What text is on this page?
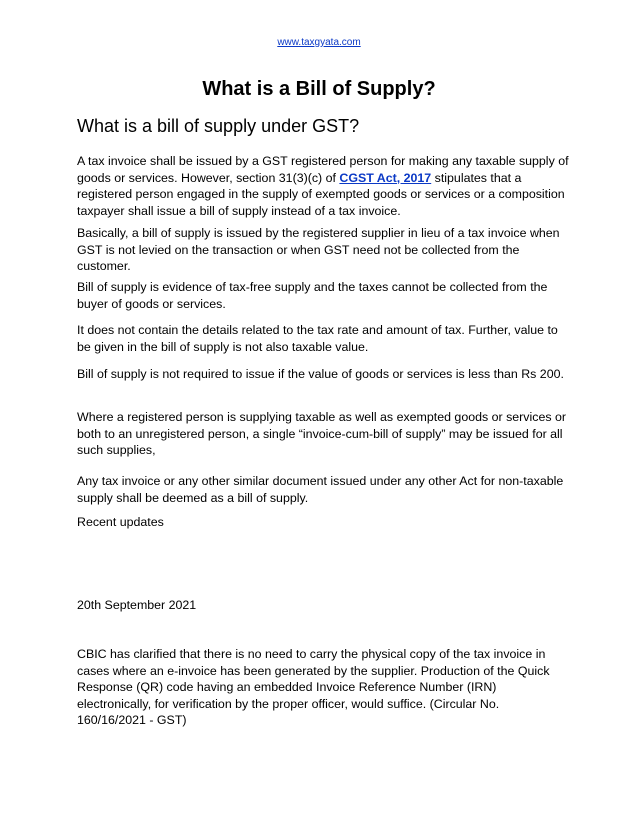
www.taxgyata.com
What is a Bill of Supply?
What is a bill of supply under GST?

A tax invoice shall be issued by a GST registered person for making any taxable supply of goods or services. However, section 31(3)(c) of CGST Act, 2017 stipulates that a registered person engaged in the supply of exempted goods or services or a composition taxpayer shall issue a bill of supply instead of a tax invoice.

Basically, a bill of supply is issued by the registered supplier in lieu of a tax invoice when GST is not levied on the transaction or when GST need not be collected from the customer.

Bill of supply is evidence of tax-free supply and the taxes cannot be collected from the buyer of goods or services.

It does not contain the details related to the tax rate and amount of tax. Further, value to be given in the bill of supply is not also taxable value.

Bill of supply is not required to issue if the value of goods or services is less than Rs 200.

Where a registered person is supplying taxable as well as exempted goods or services or both to an unregistered person, a single “invoice-cum-bill of supply” may be issued for all such supplies,

Any tax invoice or any other similar document issued under any other Act for non-taxable supply shall be deemed as a bill of supply.

Recent updates

20th September 2021

CBIC has clarified that there is no need to carry the physical copy of the tax invoice in cases where an e-invoice has been generated by the supplier. Production of the Quick Response (QR) code having an embedded Invoice Reference Number (IRN) electronically, for verification by the proper officer, would suffice. (Circular No. 160/16/2021 - GST)
